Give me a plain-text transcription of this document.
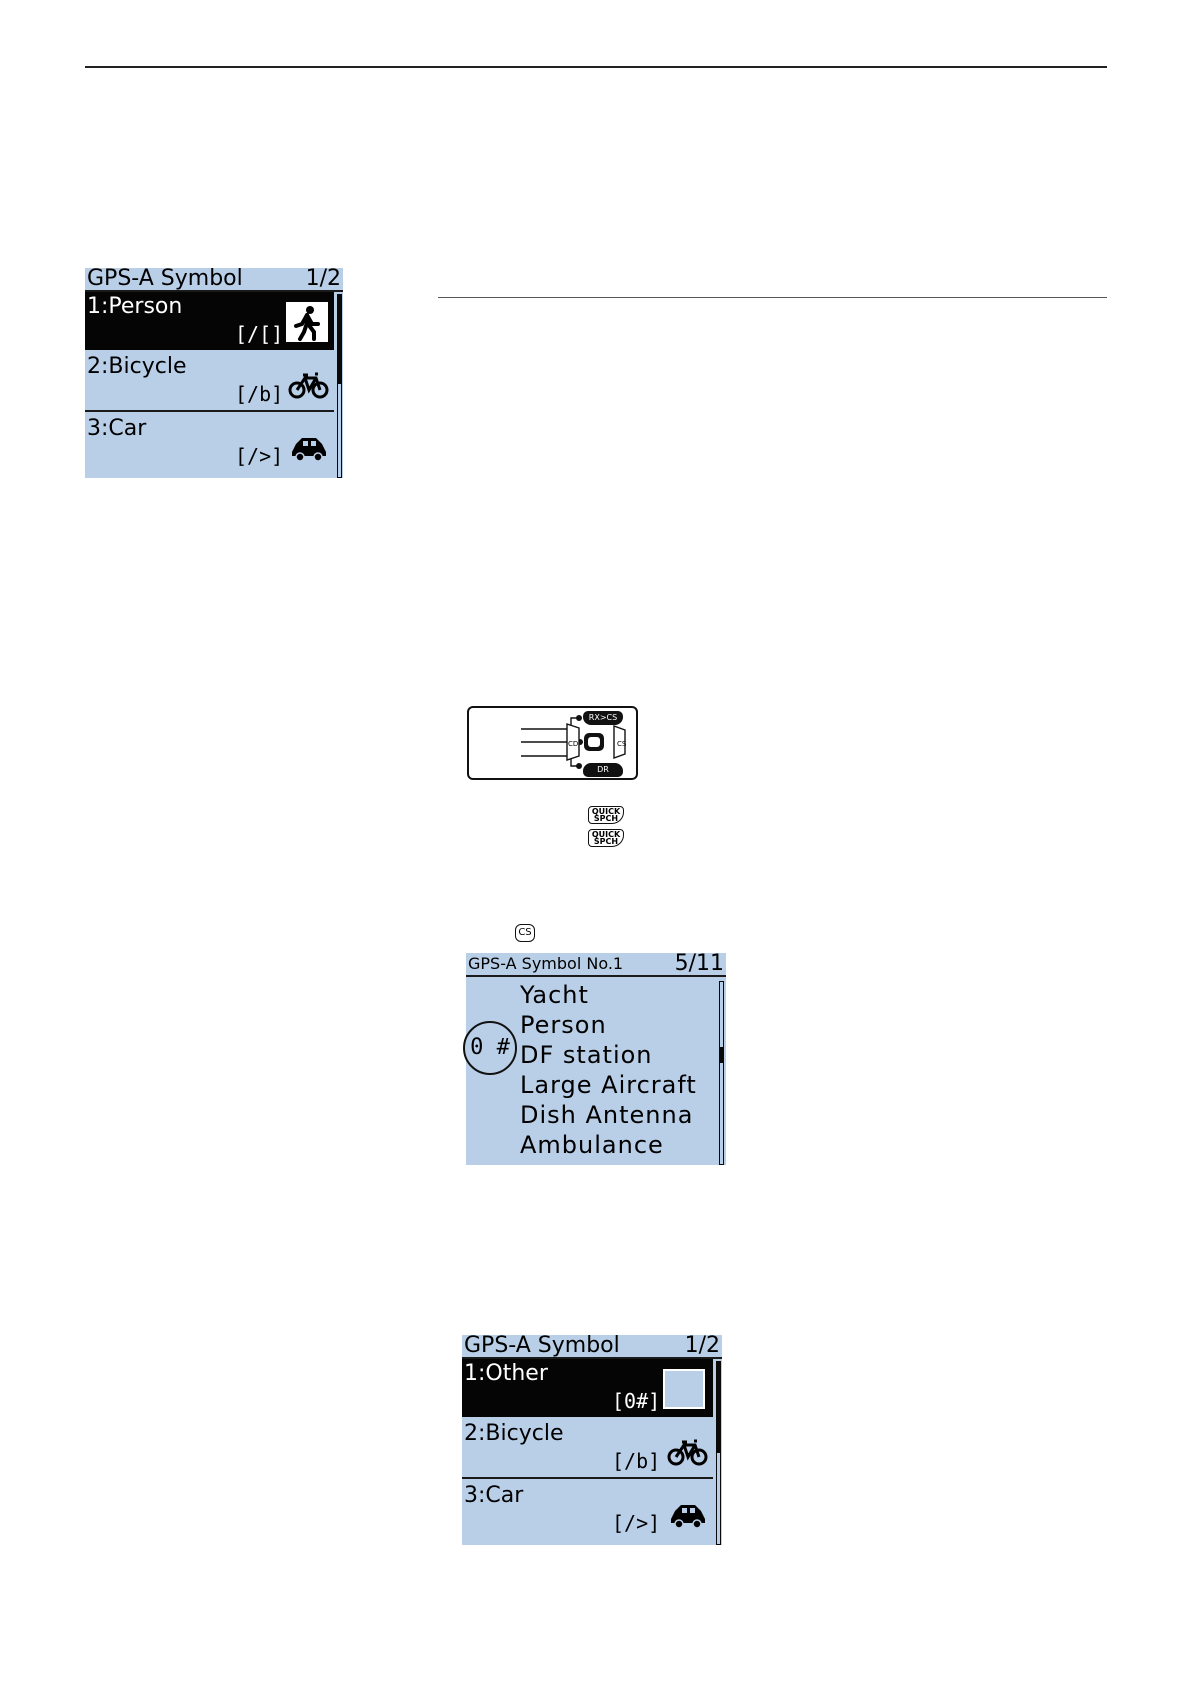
GPS-A Symbol	1/2
1:Person
[/[]
2:Bicycle
[/b]
3:Car
[/>]
RX>CS
DR
CD	CS
QUICK
SPCH
QUICK
SPCH
CS
GPS-A Symbol No.1 5/11
Yacht
Person
DF station
Large Aircraft
Dish Antenna
Ambulance
0 #
GPS-A Symbol	1/2
1:Other
[0#]
2:Bicycle
[/b]
3:Car
[/>]
